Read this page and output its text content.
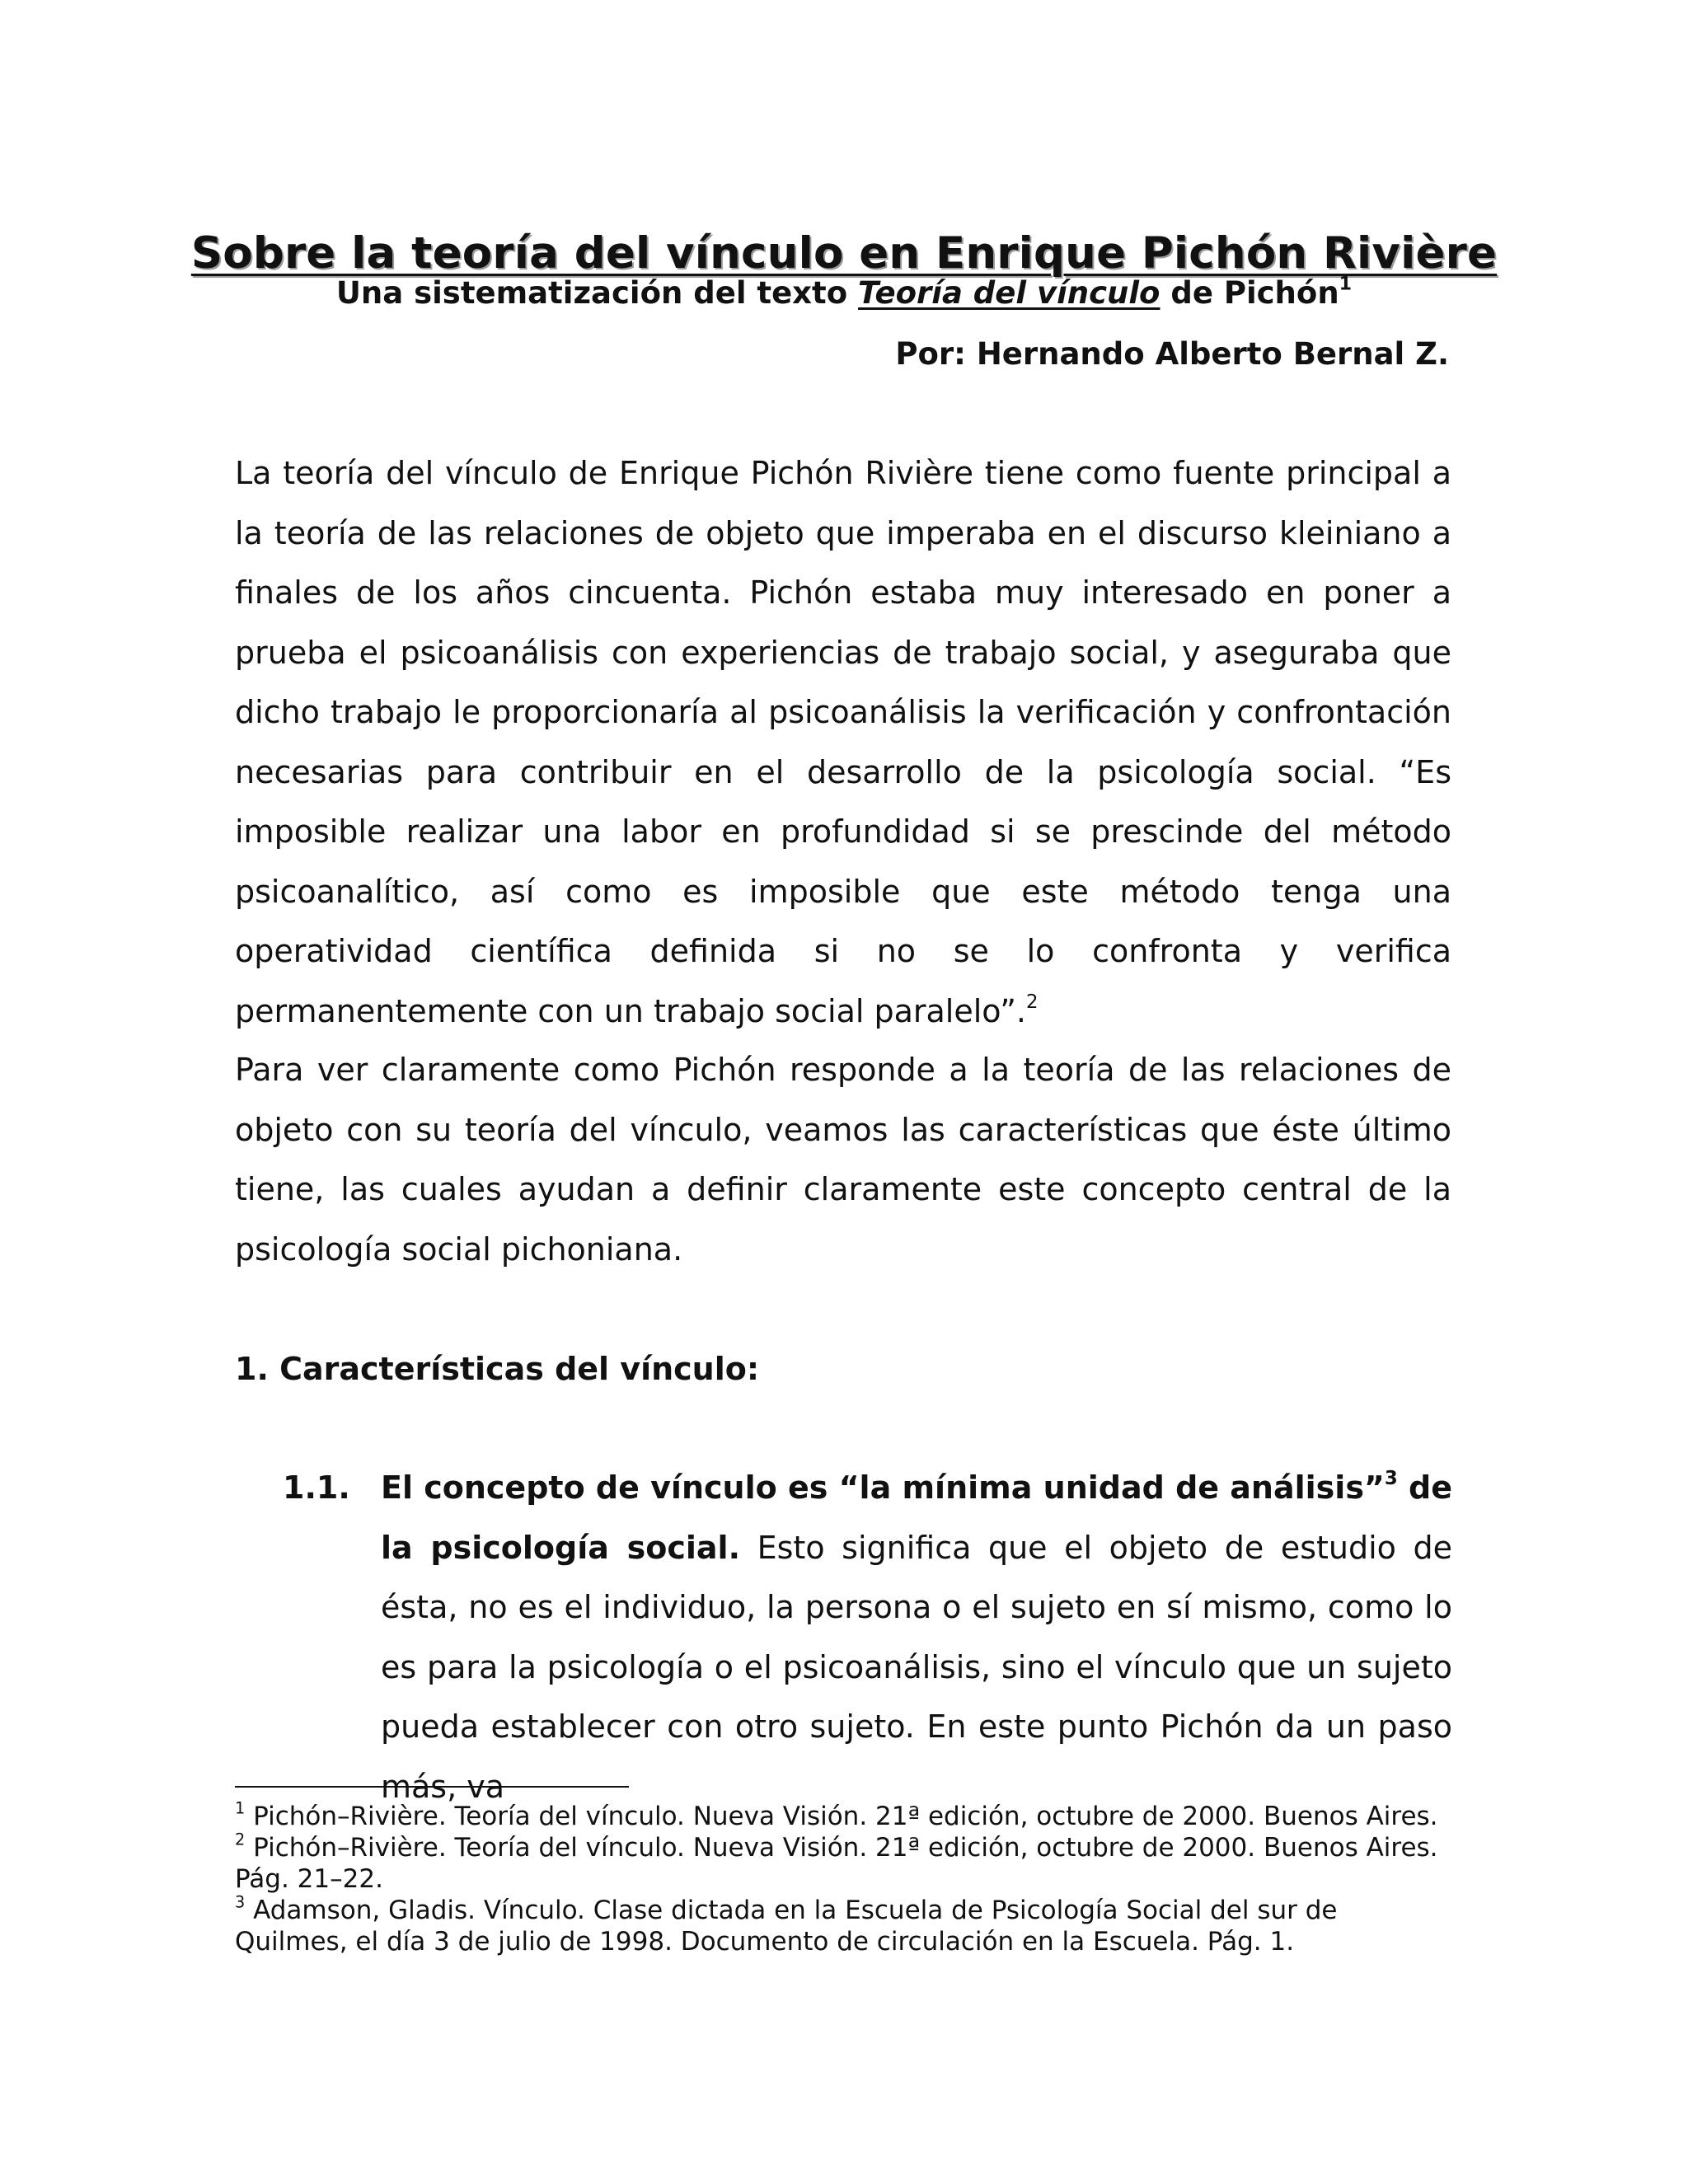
Sobre la teoría del vínculo en Enrique Pichón Rivière
Una sistematización del texto Teoría del vínculo de Pichón$^1$
Por: Hernando Alberto Bernal Z.

La teoría del vínculo de Enrique Pichón Rivière tiene como fuente principal a la teoría de las relaciones de objeto que imperaba en el discurso kleiniano a finales de los años cincuenta. Pichón estaba muy interesado en poner a prueba el psicoanálisis con experiencias de trabajo social, y aseguraba que dicho trabajo le proporcionaría al psicoanálisis la verificación y confrontación necesarias para contribuir en el desarrollo de la psicología social. “Es imposible realizar una labor en profundidad si se prescinde del método psicoanalítico, así como es imposible que este método tenga una operatividad científica definida si no se lo confronta y verifica permanentemente con un trabajo social paralelo”.$^2$

Para ver claramente como Pichón responde a la teoría de las relaciones de objeto con su teoría del vínculo, veamos las características que éste último tiene, las cuales ayudan a definir claramente este concepto central de la psicología social pichoniana.

1. Características del vínculo:
1.1. El concepto de vínculo es “la mínima unidad de análisis”$^3$ de la psicología social. Esto significa que el objeto de estudio de ésta, no es el individuo, la persona o el sujeto en sí mismo, como lo es para la psicología o el psicoanálisis, sino el vínculo que un sujeto pueda establecer con otro sujeto. En este punto Pichón da un paso más, va

$^1$ Pichón–Rivière. Teoría del vínculo. Nueva Visión. 21ª edición, octubre de 2000. Buenos Aires.

$^2$ Pichón–Rivière. Teoría del vínculo. Nueva Visión. 21ª edición, octubre de 2000. Buenos Aires. Pág. 21–22.

$^3$ Adamson, Gladis. Vínculo. Clase dictada en la Escuela de Psicología Social del sur de Quilmes, el día 3 de julio de 1998. Documento de circulación en la Escuela. Pág. 1.
